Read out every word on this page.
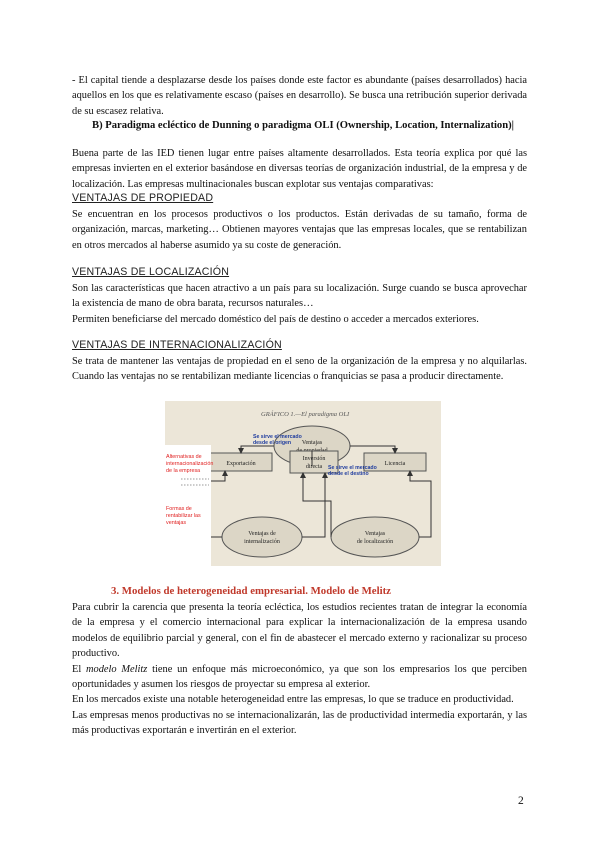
- El capital tiende a desplazarse desde los países donde este factor es abundante (países desarrollados) hacia aquellos en los que es relativamente escaso (países en desarrollo). Se busca una retribución superior derivada de su escasez relativa.

B) Paradigma ecléctico de Dunning o paradigma OLI (Ownership, Location, Internalization)|

Buena parte de las IED tienen lugar entre países altamente desarrollados. Esta teoría explica por qué las empresas invierten en el exterior basándose en diversas teorías de organización industrial, de la empresa y de localización. Las empresas multinacionales buscan explotar sus ventajas comparativas:

VENTAJAS DE PROPIEDAD

Se encuentran en los procesos productivos o los productos. Están derivadas de su tamaño, forma de organización, marcas, marketing… Obtienen mayores ventajas que las empresas locales, que se rentabilizan en otros mercados al haberse asumido ya su coste de generación.

VENTAJAS DE LOCALIZACIÓN

Son las características que hacen atractivo a un país para su localización. Surge cuando se busca aprovechar la existencia de mano de obra barata, recursos naturales…

Permiten beneficiarse del mercado doméstico del país de destino o acceder a mercados exteriores.

VENTAJAS DE INTERNACIONALIZACIÓN

Se trata de mantener las ventajas de propiedad en el seno de la organización de la empresa y no alquilarlas. Cuando las ventajas no se rentabilizan mediante licencias o franquicias se pasa a producir directamente.

GRÁFICO 1.—El paradigma OLI
Ventajas
Exportación
Inversión
directa	Licencia
Ventajas de
internalización
Ventajas
de localización
Se sirve el mercado
desde el origen
Se sirve el mercado
desde el destino
Alternativas de
internacionalización
de la empresa
Formas de
rentabilizar las
ventajas
3. Modelos de heterogeneidad empresarial. Modelo de Melitz

Para cubrir la carencia que presenta la teoría ecléctica, los estudios recientes tratan de integrar la economía de la empresa y el comercio internacional para explicar la internacionalización de la empresa usando modelos de equilibrio parcial y general, con el fin de abastecer el mercado externo y racionalizar su proceso productivo.

El modelo Melitz tiene un enfoque más microeconómico, ya que son los empresarios los que perciben oportunidades y asumen los riesgos de proyectar su empresa al exterior.

En los mercados existe una notable heterogeneidad entre las empresas, lo que se traduce en productividad.

Las empresas menos productivas no se internacionalizarán, las de productividad intermedia exportarán, y las más productivas exportarán e invertirán en el exterior.

2
